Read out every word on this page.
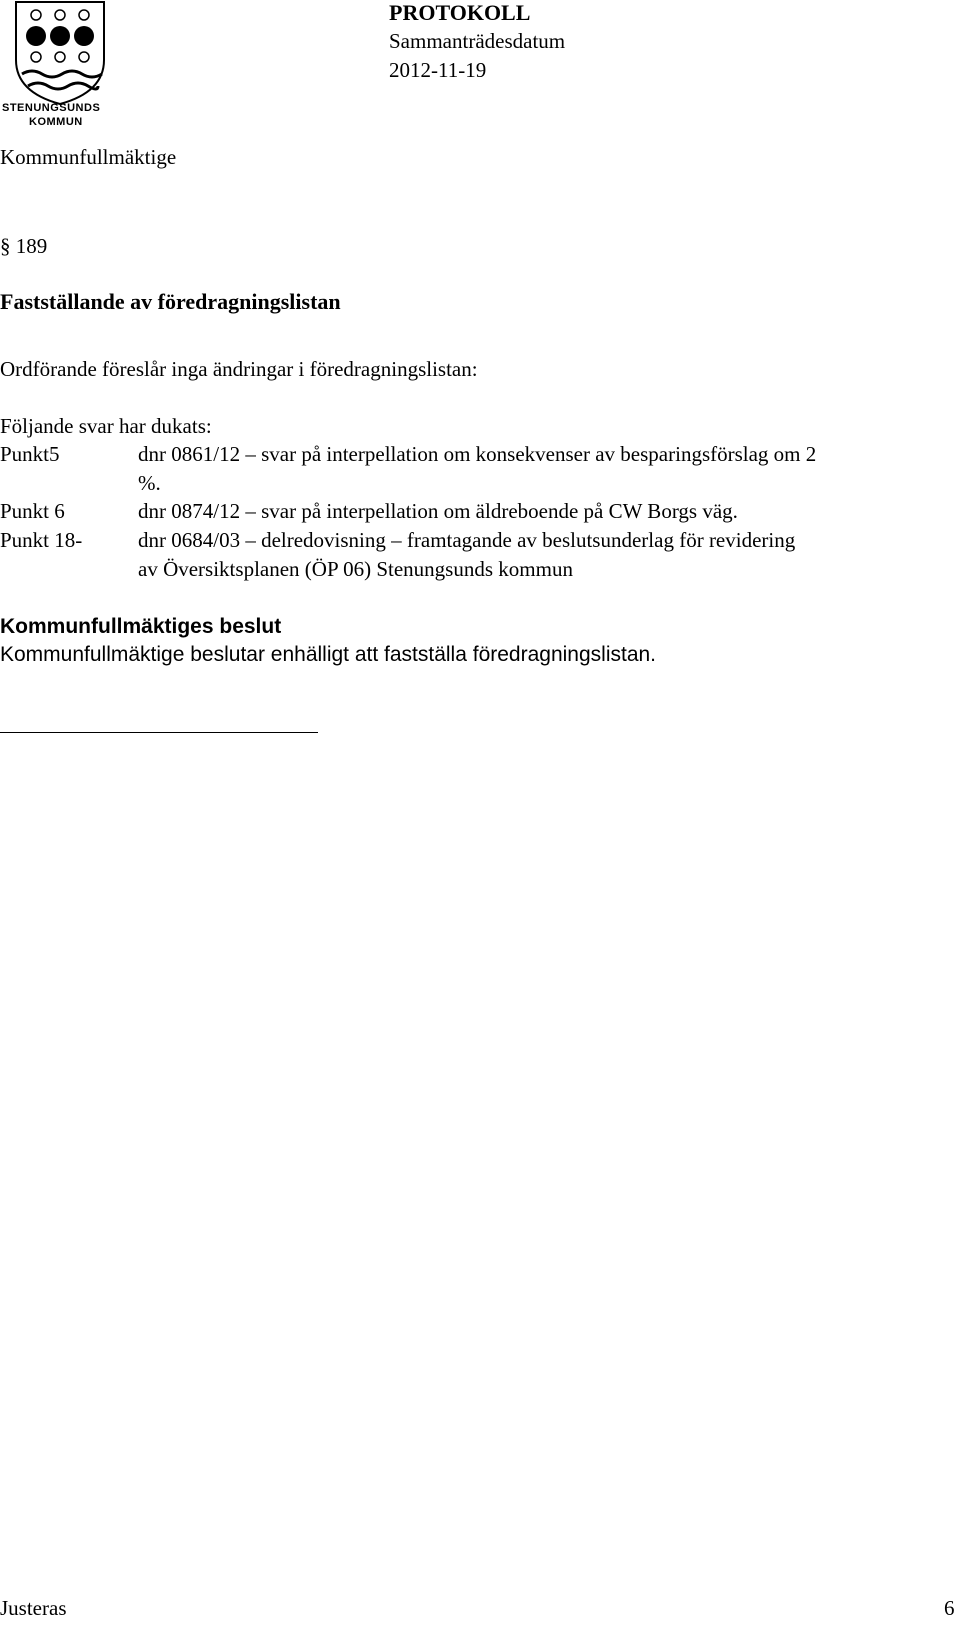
STENUNGSUNDS
KOMMUN
PROTOKOLL
Sammanträdesdatum
2012-11-19
Kommunfullmäktige
§ 189
Fastställande av föredragningslistan
Ordförande föreslår inga ändringar i föredragningslistan:
Följande svar har dukats:
Punkt5	dnr 0861/12 – svar på interpellation om konsekvenser av besparingsförslag om 2
%.
Punkt 6	dnr 0874/12 – svar på interpellation om äldreboende på CW Borgs väg.
Punkt 18-	dnr 0684/03 – delredovisning – framtagande av beslutsunderlag för revidering
av Översiktsplanen (ÖP 06) Stenungsunds kommun
Kommunfullmäktiges beslut
Kommunfullmäktige beslutar enhälligt att fastställa föredragningslistan.
Justeras	6
